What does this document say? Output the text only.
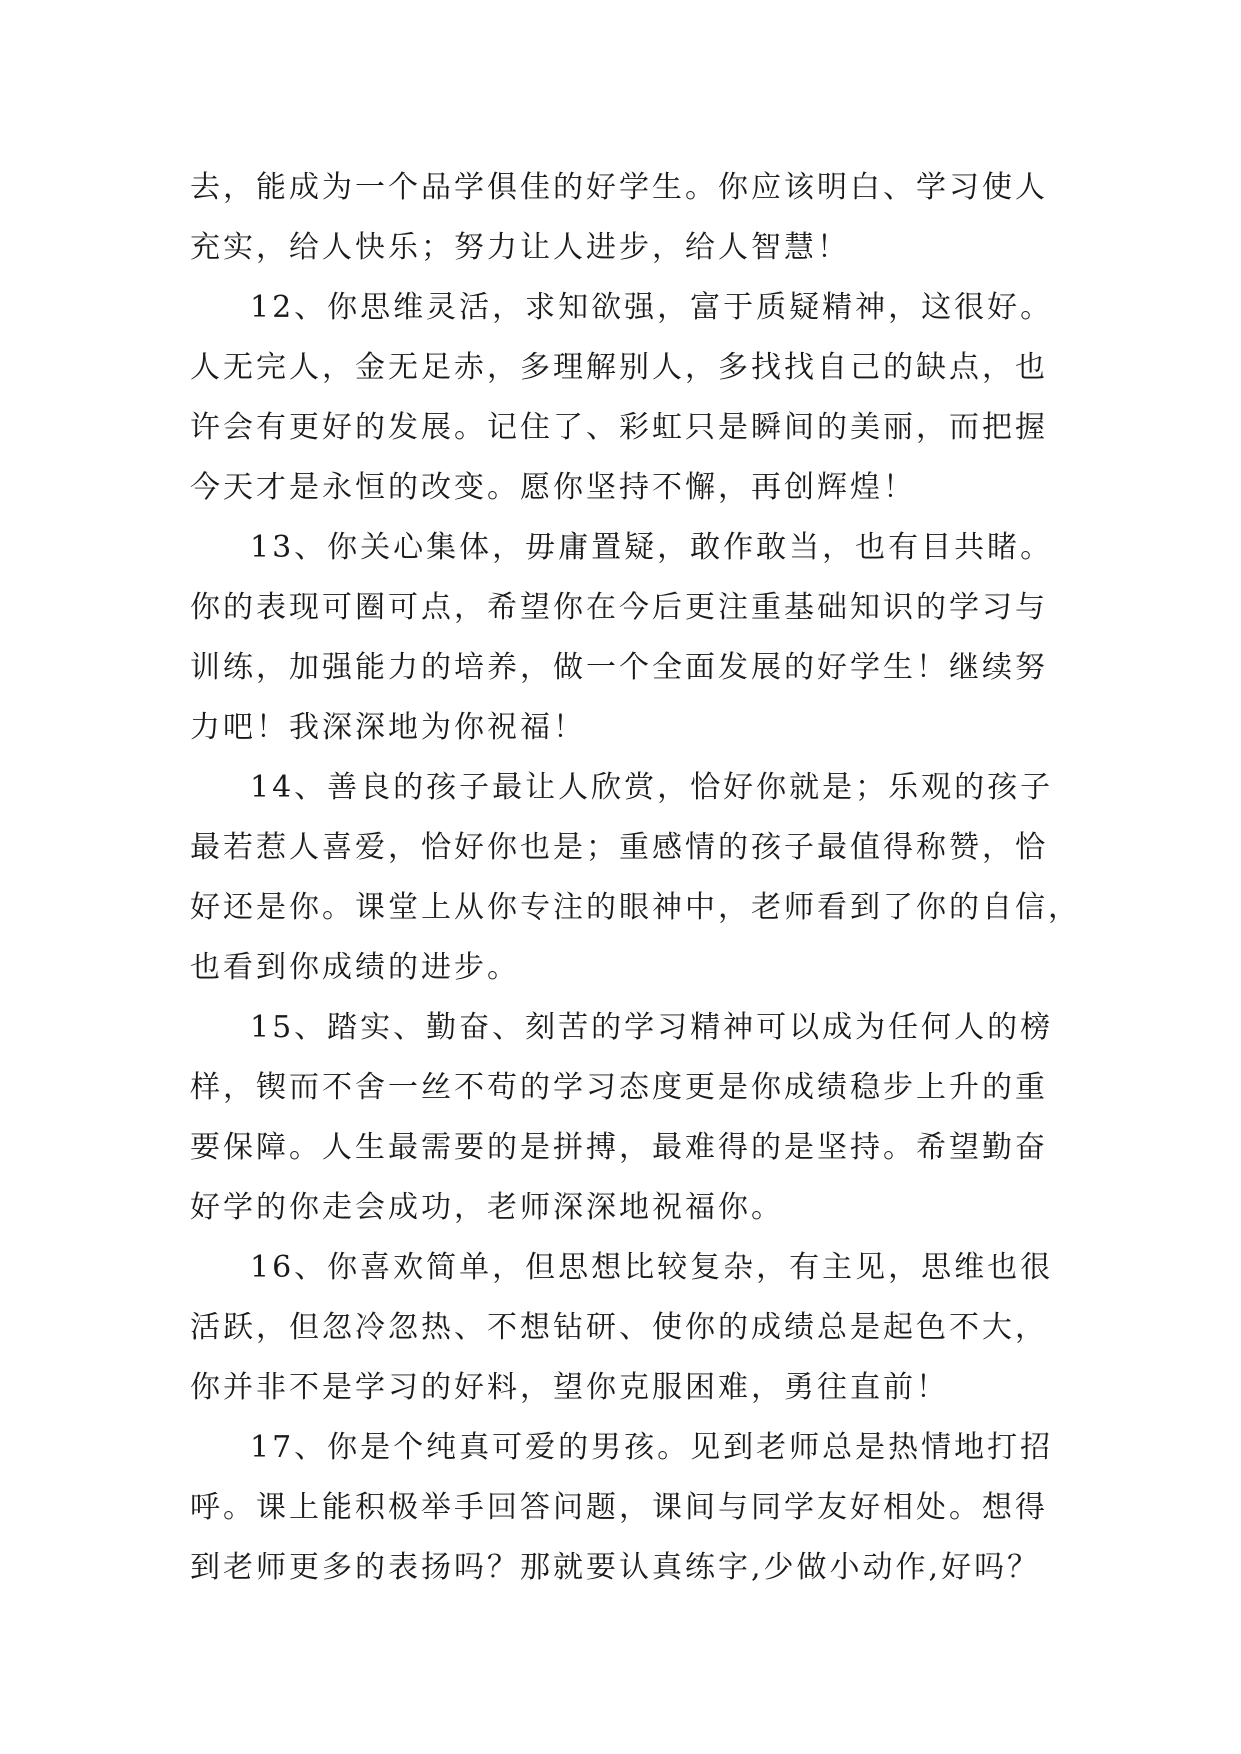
去，能成为一个品学俱佳的好学生。你应该明白、学习使人
充实，给人快乐；努力让人进步，给人智慧！
12、你思维灵活，求知欲强，富于质疑精神，这很好。
人无完人，金无足赤，多理解别人，多找找自己的缺点，也
许会有更好的发展。记住了、彩虹只是瞬间的美丽，而把握
今天才是永恒的改变。愿你坚持不懈，再创辉煌！
13、你关心集体，毋庸置疑，敢作敢当，也有目共睹。
你的表现可圈可点，希望你在今后更注重基础知识的学习与
训练，加强能力的培养，做一个全面发展的好学生！继续努
力吧！我深深地为你祝福！
14、善良的孩子最让人欣赏，恰好你就是；乐观的孩子
最若惹人喜爱，恰好你也是；重感情的孩子最值得称赞，恰
好还是你。课堂上从你专注的眼神中，老师看到了你的自信，
也看到你成绩的进步。
15、踏实、勤奋、刻苦的学习精神可以成为任何人的榜
样，锲而不舍一丝不苟的学习态度更是你成绩稳步上升的重
要保障。人生最需要的是拼搏，最难得的是坚持。希望勤奋
好学的你走会成功，老师深深地祝福你。
16、你喜欢简单，但思想比较复杂，有主见，思维也很
活跃，但忽冷忽热、不想钻研、使你的成绩总是起色不大，
你并非不是学习的好料，望你克服困难，勇往直前！
17、你是个纯真可爱的男孩。见到老师总是热情地打招
呼。课上能积极举手回答问题，课间与同学友好相处。想得
到老师更多的表扬吗？那就要认真练字,少做小动作,好吗？
